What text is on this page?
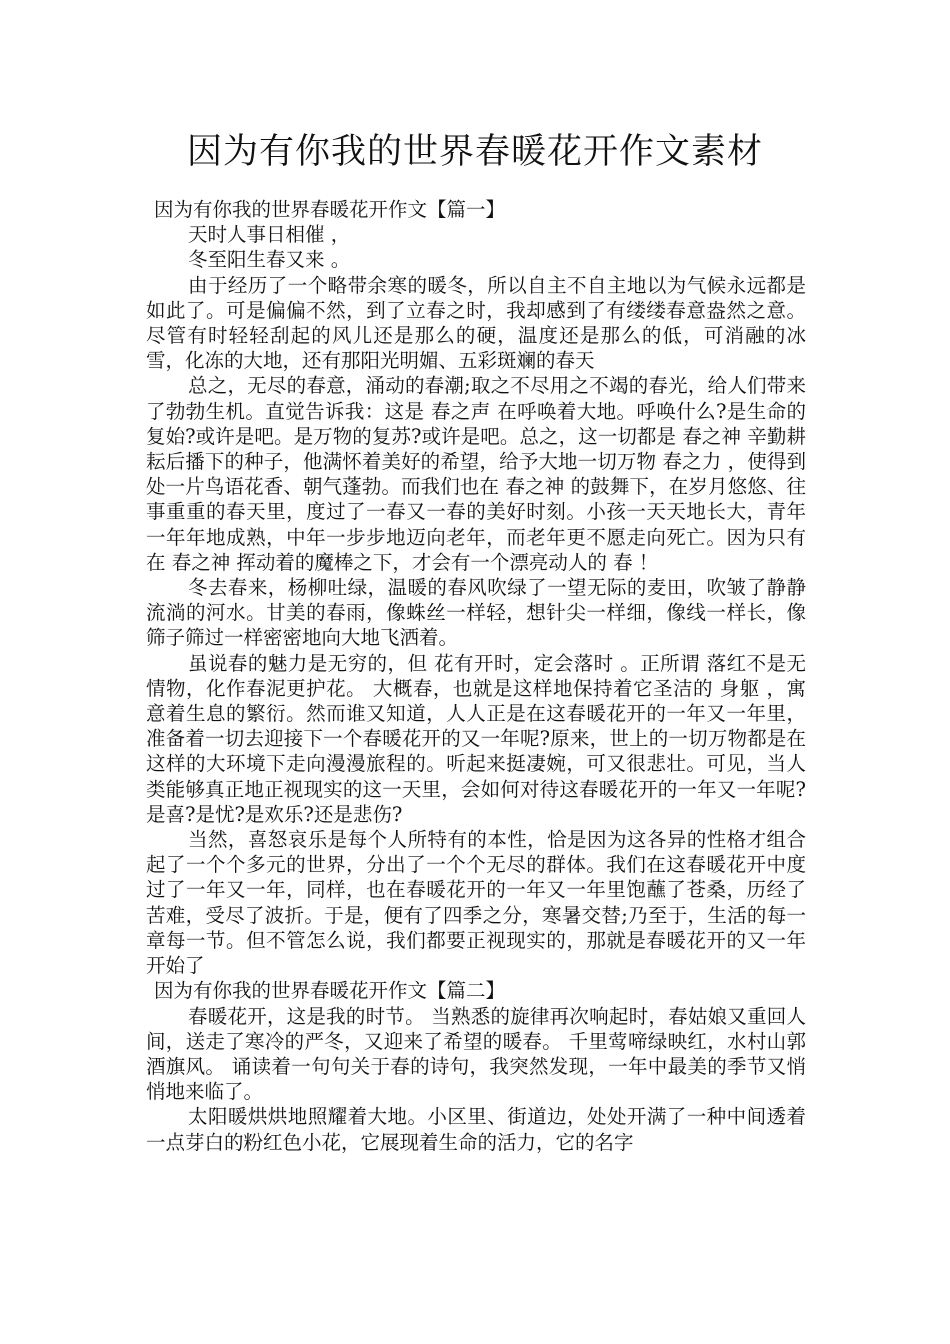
因为有你我的世界春暖花开作文素材

因为有你我的世界春暖花开作文【篇一】

天时人事日相催 ，

冬至阳生春又来 。

由于经历了一个略带余寒的暖冬，所以自主不自主地以为气候永远都是如此了。可是偏偏不然，到了立春之时，我却感到了有缕缕春意盎然之意。尽管有时轻轻刮起的风儿还是那么的硬，温度还是那么的低，可消融的冰雪，化冻的大地，还有那阳光明媚、五彩斑斓的春天

总之，无尽的春意，涌动的春潮;取之不尽用之不竭的春光，给人们带来了勃勃生机。直觉告诉我：这是 春之声 在呼唤着大地。呼唤什么?是生命的复始?或许是吧。是万物的复苏?或许是吧。总之，这一切都是 春之神 辛勤耕耘后播下的种子，他满怀着美好的希望，给予大地一切万物 春之力 ，使得到处一片鸟语花香、朝气蓬勃。而我们也在 春之神 的鼓舞下，在岁月悠悠、往事重重的春天里，度过了一春又一春的美好时刻。小孩一天天地长大，青年一年年地成熟，中年一步步地迈向老年，而老年更不愿走向死亡。因为只有在 春之神 挥动着的魔棒之下，才会有一个漂亮动人的 春 ！

冬去春来，杨柳吐绿，温暖的春风吹绿了一望无际的麦田，吹皱了静静流淌的河水。甘美的春雨，像蛛丝一样轻，想针尖一样细，像线一样长，像筛子筛过一样密密地向大地飞洒着。

虽说春的魅力是无穷的，但 花有开时，定会落时 。正所谓 落红不是无情物，化作春泥更护花。 大概春，也就是这样地保持着它圣洁的 身躯 ，寓意着生息的繁衍。然而谁又知道，人人正是在这春暖花开的一年又一年里，准备着一切去迎接下一个春暖花开的又一年呢?原来，世上的一切万物都是在这样的大环境下走向漫漫旅程的。听起来挺凄婉，可又很悲壮。可见，当人类能够真正地正视现实的这一天里，会如何对待这春暖花开的一年又一年呢?是喜?是忧?是欢乐?还是悲伤?

当然，喜怒哀乐是每个人所特有的本性，恰是因为这各异的性格才组合起了一个个多元的世界，分出了一个个无尽的群体。我们在这春暖花开中度过了一年又一年，同样，也在春暖花开的一年又一年里饱蘸了苍桑，历经了苦难，受尽了波折。于是，便有了四季之分，寒暑交替;乃至于，生活的每一章每一节。但不管怎么说，我们都要正视现实的，那就是春暖花开的又一年开始了

因为有你我的世界春暖花开作文【篇二】

春暖花开，这是我的时节。 当熟悉的旋律再次响起时，春姑娘又重回人间，送走了寒冷的严冬，又迎来了希望的暖春。 千里莺啼绿映红，水村山郭酒旗风。 诵读着一句句关于春的诗句，我突然发现，一年中最美的季节又悄悄地来临了。

太阳暖烘烘地照耀着大地。小区里、街道边，处处开满了一种中间透着一点芽白的粉红色小花，它展现着生命的活力，它的名字
